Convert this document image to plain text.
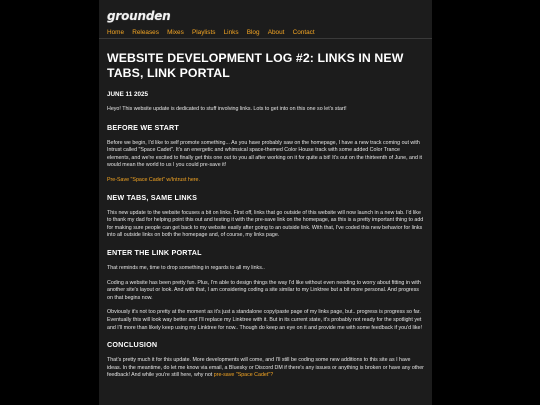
grounden
Home Releases Mixes Playlists Links Blog About Contact
WEBSITE DEVELOPMENT LOG #2: LINKS IN NEW
TABS, LINK PORTAL
JUNE 11 2025

Heyo! This website update is dedicated to stuff involving links. Lots to get into on this one so let's start!

BEFORE WE START

Before we begin, I'd like to self promote something... As you have probably saw on the homepage, I have a new track coming out with Intrust called "Space Cadet". It's an energetic and whimsical space-themed Color House track with some added Color Trance elements, and we're excited to finally get this one out to you all after working on it for quite a bit! It's out on the thirteenth of June, and it would mean the world to us I you could pre-save it!

Pre-Save "Space Cadet" w/Intrust here.

NEW TABS, SAME LINKS

This new update to the website focuses a bit on links. First off, links that go outside of this website will now launch in a new tab. I'd like to thank my dad for helping point this out and testing it with the pre-save link on the homepage, as this is a pretty important thing to add for making sure people can get back to my website easily after going to an outside link. With that, I've coded this new behavior for links into all outside links on both the homepage and, of course, my links page.

ENTER THE LINK PORTAL

That reminds me, time to drop something in regards to all my links..

Coding a website has been pretty fun. Plus, I'm able to design things the way I'd like without even needing to worry about fitting in with another site's layout or look. And with that, I am considering coding a site similar to my Linktree but a bit more personal. And progress on that begins now.

Obviously it's not too pretty at the moment as it's just a standalone copy/paste page of my links page, but.. progress is progress so far. Eventually this will look way better and I'll replace my Linktree with it. But in its current state, it's probably not ready for the spotlight yet and I'll more than likely keep using my Linktree for now.. Though do keep an eye on it and provide me with some feedback if you'd like!

CONCLUSION

That's pretty much it for this update. More developments will come, and I'll still be coding some new additions to this site as I have ideas. In the meantime, do let me know via email, a Bluesky or Discord DM if there's any issues or anything is broken or have any other feedback! And while you're still here, why not pre-save "Space Cadet"?
